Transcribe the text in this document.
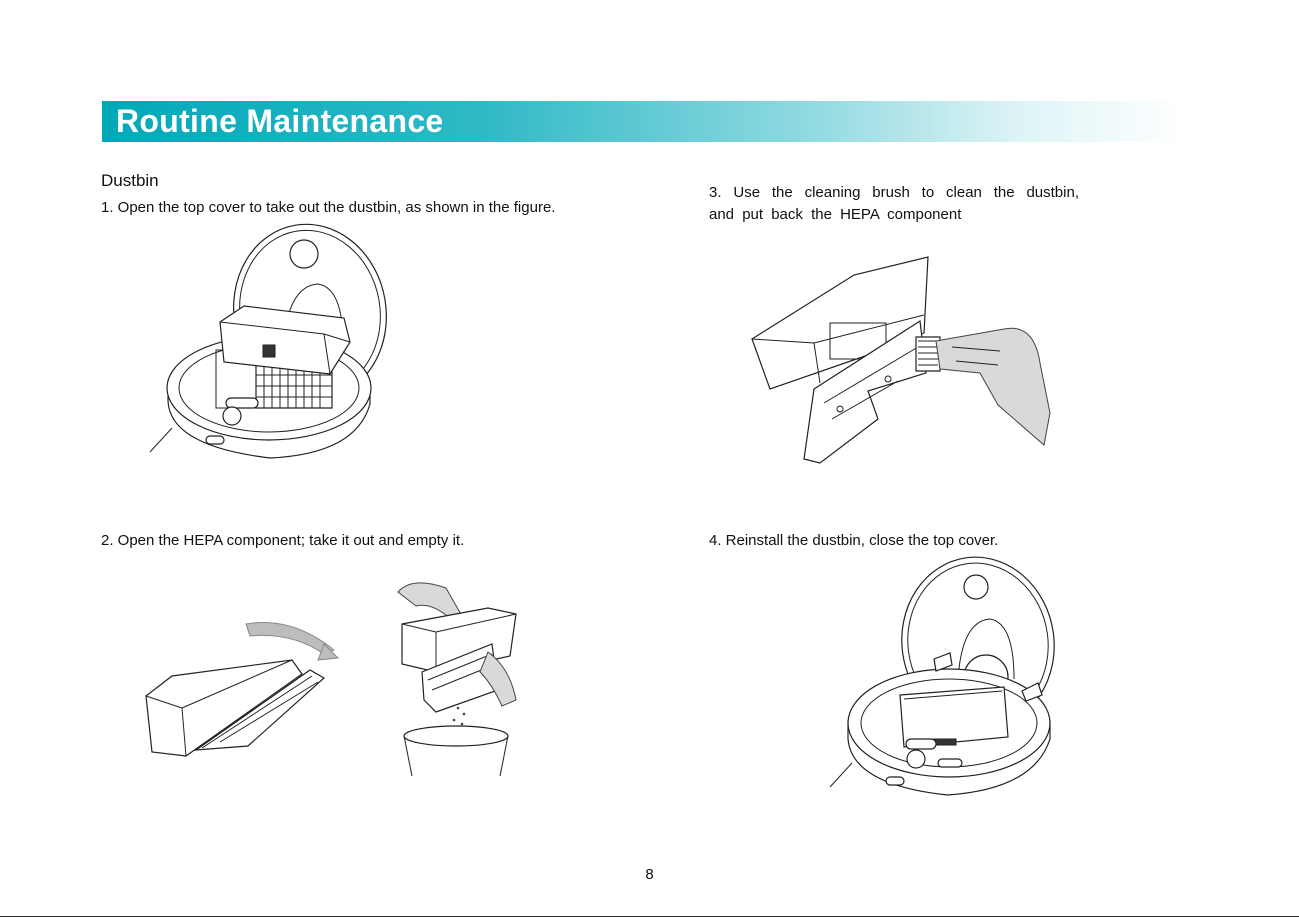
Routine Maintenance
Dustbin
1. Open the top cover to take out the dustbin, as shown in the figure.
2. Open the HEPA component; take it out and empty it.
3. Use the cleaning brush to clean the dustbin, and put back the HEPA component
4. Reinstall the dustbin, close the top cover.
8
